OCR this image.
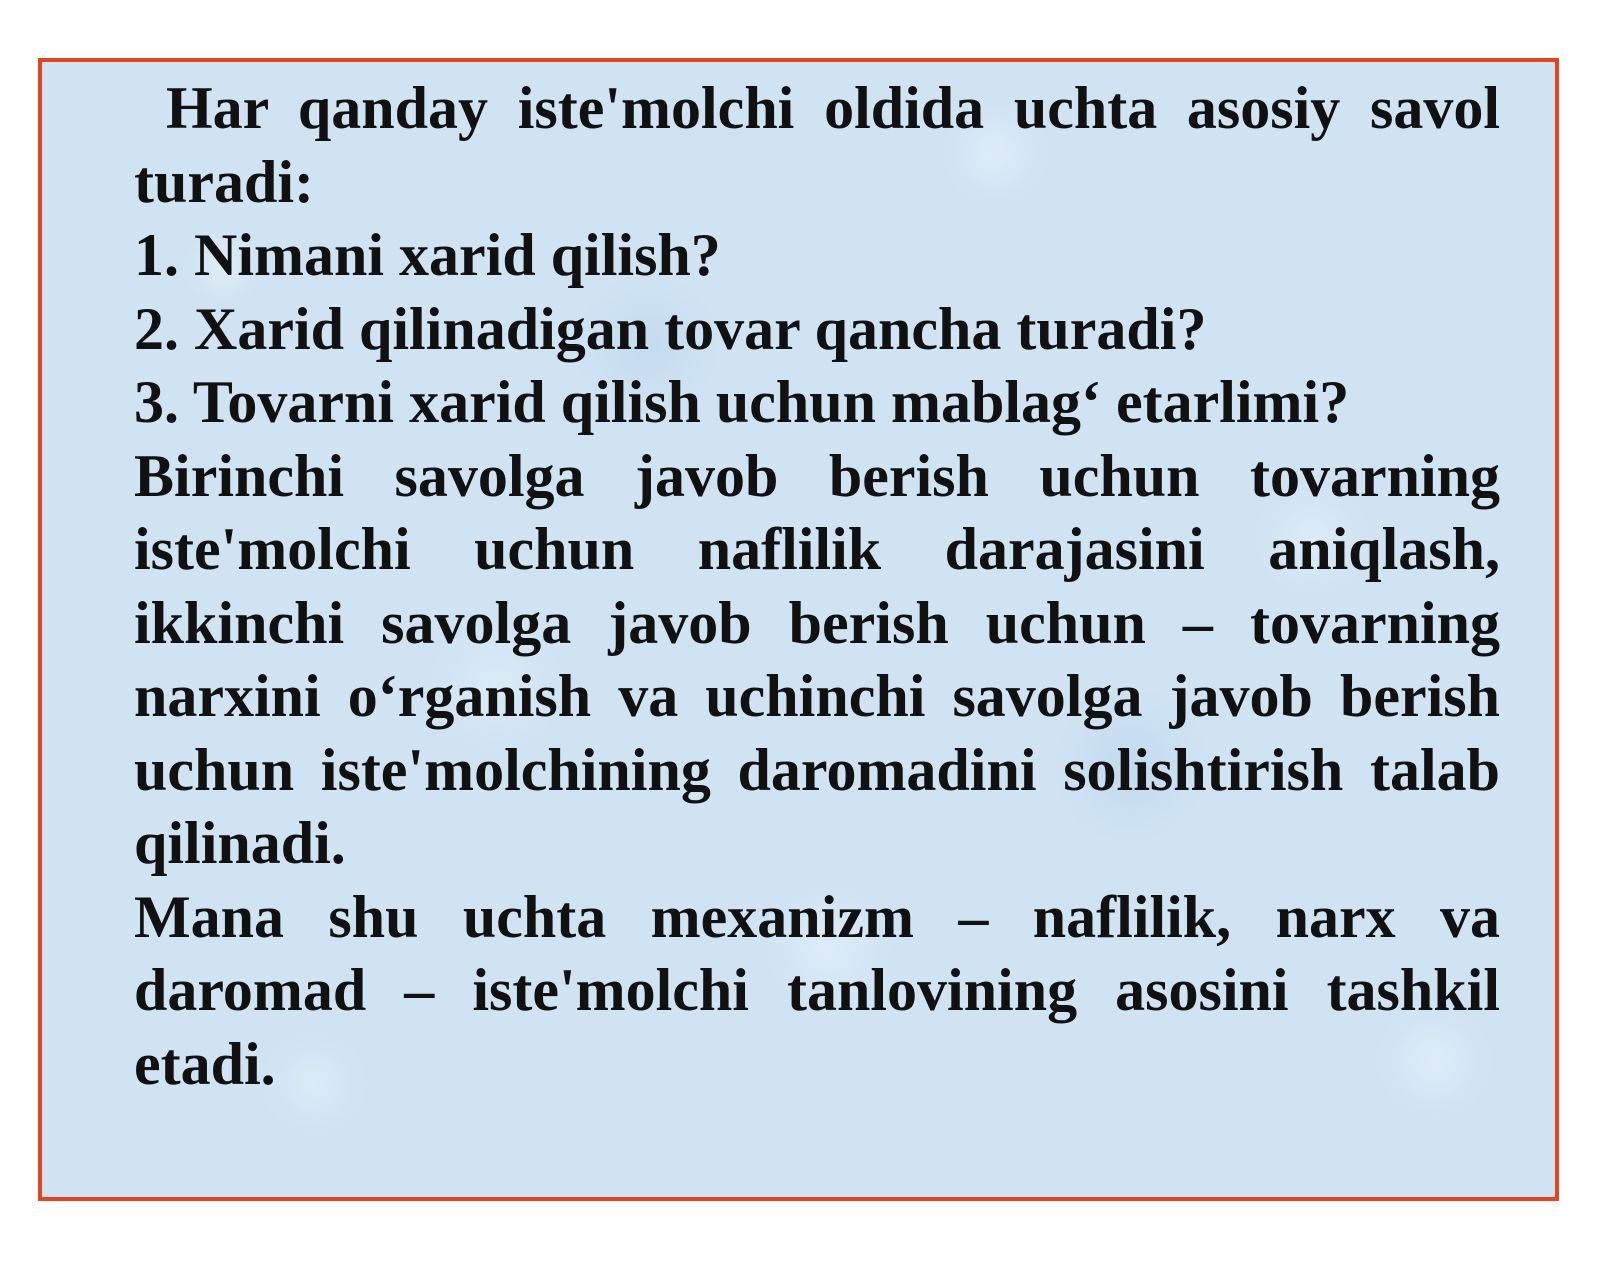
Har qanday iste'molchi oldida uchta asosiy savol turadi:

1. Nimani xarid qilish?

2. Xarid qilinadigan tovar qancha turadi?

3. Tovarni xarid qilish uchun mablag‘ etarlimi?

Birinchi savolga javob berish uchun tovarning iste'molchi uchun naflilik darajasini aniqlash, ikkinchi savolga javob berish uchun – tovarning narxini o‘rganish va uchinchi savolga javob berish uchun iste'molchining daromadini solishtirish talab qilinadi.

Mana shu uchta mexanizm – naflilik, narx va daromad – iste'molchi tanlovining asosini tashkil etadi.
